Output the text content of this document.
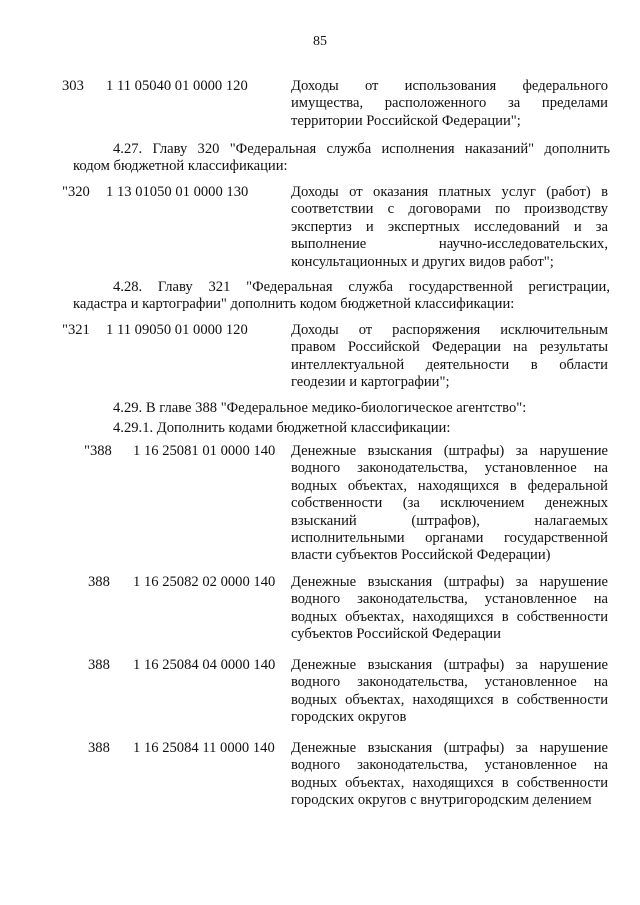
85
303 1 11 05040 01 0000 120	Доходы от использования федерального
имущества, расположенного за пределами
территории Российской Федерации";
4.27. Главу 320 "Федеральная служба исполнения наказаний" дополнить
кодом бюджетной классификации:
"320 1 13 01050 01 0000 130	Доходы от оказания платных услуг (работ) в
соответствии с договорами по производству
экспертиз и экспертных исследований и за
выполнение научно-исследовательских,
консультационных и других видов работ";
4.28. Главу 321 "Федеральная служба государственной регистрации,
кадастра и картографии" дополнить кодом бюджетной классификации:
"321 1 11 09050 01 0000 120	Доходы от распоряжения исключительным
правом Российской Федерации на результаты
интеллектуальной деятельности в области
геодезии и картографии";
4.29. В главе 388 "Федеральное медико-биологическое агентство":
4.29.1. Дополнить кодами бюджетной классификации:
"388 1 16 25081 01 0000 140 Денежные взыскания (штрафы) за нарушение
водного законодательства, установленное на
водных объектах, находящихся в федеральной
собственности (за исключением денежных
взысканий (штрафов), налагаемых
исполнительными органами государственной
власти субъектов Российской Федерации)
388 1 16 25082 02 0000 140 Денежные взыскания (штрафы) за нарушение
водного законодательства, установленное на
водных объектах, находящихся в собственности
субъектов Российской Федерации
388 1 16 25084 04 0000 140 Денежные взыскания (штрафы) за нарушение
водного законодательства, установленное на
водных объектах, находящихся в собственности
городских округов
388 1 16 25084 11 0000 140 Денежные взыскания (штрафы) за нарушение
водного законодательства, установленное на
водных объектах, находящихся в собственности
городских округов с внутригородским делением
